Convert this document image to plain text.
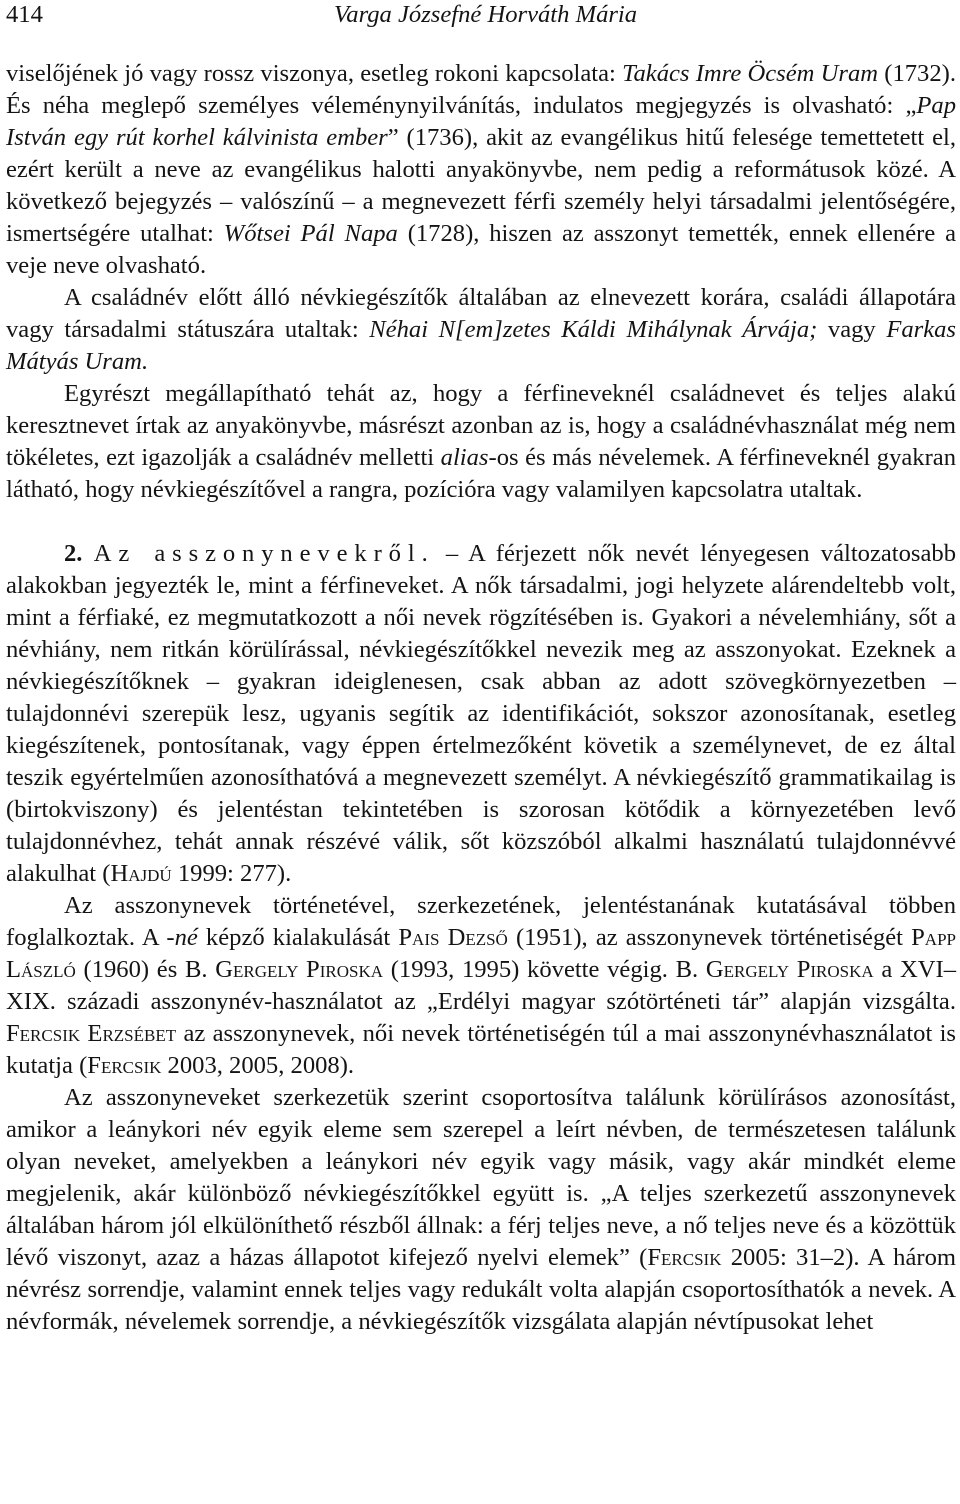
414	Varga Józsefné Horváth Mária

viselőjének jó vagy rossz viszonya, esetleg rokoni kapcsolata: Takács Imre Öcsém Uram (1732). És néha meglepő személyes véleménynyilvánítás, indulatos megjegyzés is olvasható: „Pap István egy rút korhel kálvinista ember” (1736), akit az evangélikus hitű felesége temettetett el, ezért került a neve az evangélikus halotti anyakönyvbe, nem pedig a reformátusok közé. A következő bejegyzés – valószínű – a megnevezett férfi személy helyi társadalmi jelentőségére, ismertségére utalhat: Wőtsei Pál Napa (1728), hiszen az asszonyt temették, ennek ellenére a veje neve olvasható.

A családnév előtt álló névkiegészítők általában az elnevezett korára, családi állapotára vagy társadalmi státuszára utaltak: Néhai N[em]zetes Káldi Mihálynak Árvája; vagy Farkas Mátyás Uram.

Egyrészt megállapítható tehát az, hogy a férfineveknél családnevet és teljes alakú keresztnevet írtak az anyakönyvbe, másrészt azonban az is, hogy a családnévhasználat még nem tökéletes, ezt igazolják a családnév melletti alias-os és más névelemek. A férfineveknél gyakran látható, hogy névkiegészítővel a rangra, pozícióra vagy valamilyen kapcsolatra utaltak.

2. Az asszonynevekről. – A férjezett nők nevét lényegesen változatosabb alakokban jegyezték le, mint a férfineveket. A nők társadalmi, jogi helyzete alárendeltebb volt, mint a férfiaké, ez megmutatkozott a női nevek rögzítésében is. Gyakori a névelemhiány, sőt a névhiány, nem ritkán körülírással, névkiegészítőkkel nevezik meg az asszonyokat. Ezeknek a névkiegészítőknek – gyakran ideiglenesen, csak abban az adott szövegkörnyezetben – tulajdonnévi szerepük lesz, ugyanis segítik az identifikációt, sokszor azonosítanak, esetleg kiegészítenek, pontosítanak, vagy éppen értelmezőként követik a személynevet, de ez által teszik egyértelműen azonosíthatóvá a megnevezett személyt. A névkiegészítő grammatikailag is (birtokviszony) és jelentéstan tekintetében is szorosan kötődik a környezetében levő tulajdonnévhez, tehát annak részévé válik, sőt közszóból alkalmi használatú tulajdonnévvé alakulhat (Hajdú 1999: 277).

Az asszonynevek történetével, szerkezetének, jelentéstanának kutatásával többen foglalkoztak. A -né képző kialakulását Pais Dezső (1951), az asszonynevek történetiségét Papp László (1960) és B. Gergely Piroska (1993, 1995) követte végig. B. Gergely Piroska a XVI–XIX. századi asszonynév-használatot az „Erdélyi magyar szótörténeti tár” alapján vizsgálta. Fercsik Erzsébet az asszonynevek, női nevek történetiségén túl a mai asszonynévhasználatot is kutatja (Fercsik 2003, 2005, 2008).

Az asszonyneveket szerkezetük szerint csoportosítva találunk körülírásos azonosítást, amikor a leánykori név egyik eleme sem szerepel a leírt névben, de természetesen találunk olyan neveket, amelyekben a leánykori név egyik vagy másik, vagy akár mindkét eleme megjelenik, akár különböző névkiegészítőkkel együtt is. „A teljes szerkezetű asszonynevek általában három jól elkülöníthető részből állnak: a férj teljes neve, a nő teljes neve és a közöttük lévő viszonyt, azaz a házas állapotot kifejező nyelvi elemek” (Fercsik 2005: 31–2). A három névrész sorrendje, valamint ennek teljes vagy redukált volta alapján csoportosíthatók a nevek. A névformák, névelemek sorrendje, a névkiegészítők vizsgálata alapján névtípusokat lehet
